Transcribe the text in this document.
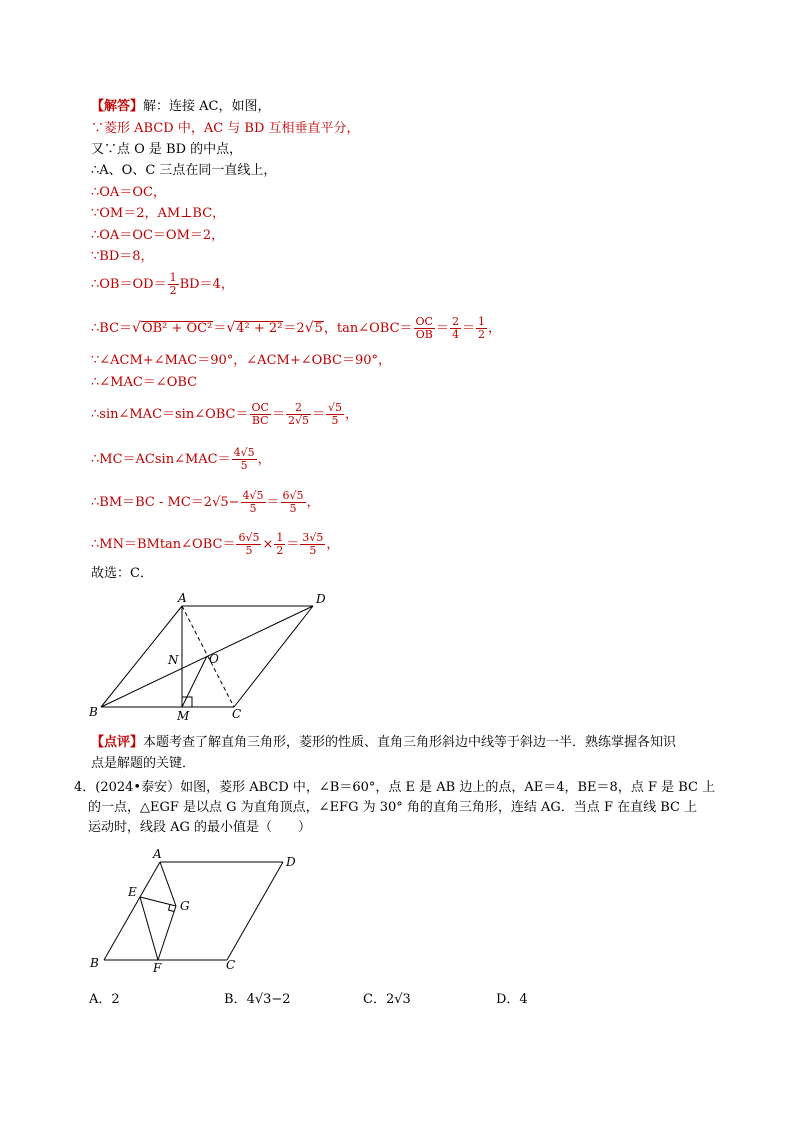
【解答】解：连接 AC，如图，
∵菱形 ABCD 中，AC 与 BD 互相垂直平分，
又∵点 O 是 BD 的中点，
∴A、O、C 三点在同一直线上，
∴OA＝OC，
∵OM＝2，AM⊥BC，
∴OA＝OC＝OM＝2，
∵BD＝8，
∴OB＝OD＝ $\frac{1}{2} BD=4$，
∴BC＝√OB² + OC²＝√4² + 2²＝2√5，tan∠OBC＝ $\frac{OC}{OB} = \frac{2}{4} = \frac{1}{2}$ ，
∵∠ACM+∠MAC＝90°，∠ACM+∠OBC＝90°，
∴∠MAC＝∠OBC
∴sin∠MAC＝sin∠OBC＝ $\frac{OC}{BC} = \frac{2}{2√5} = \frac{√5}{5}$ ，
∴MC＝ACsin∠MAC＝ $\frac{4√5}{5}$ ，
∴BM＝BC - $MC=2√5- \frac{4√5}{5} = \frac{6√5}{5}$ ，
∴MN＝BMtan∠OBC＝ $\frac{6√5}{5} \times \frac{1}{2} = \frac{3√5}{5}$ ，
故选：C．
A	D
B	M	C
N	O
【点评】本题考查了解直角三角形，菱形的性质、直角三角形斜边中线等于斜边一半．熟练掌握各知识
点是解题的关键．
4．(2024•泰安）如图，菱形 ABCD 中，∠B＝60°，点 E 是 AB 边上的点，AE＝4，BE＝8，点 F 是 BC 上
的一点，△EGF 是以点 G 为直角顶点，∠EFG 为 30° 角的直角三角形，连结 AG．当点 F 在直线 BC 上
运动时，线段 AG 的最小值是（　　）
A
D
E
G
B	F	C
A．2	B．4√3−2	C．2√3	D．4
